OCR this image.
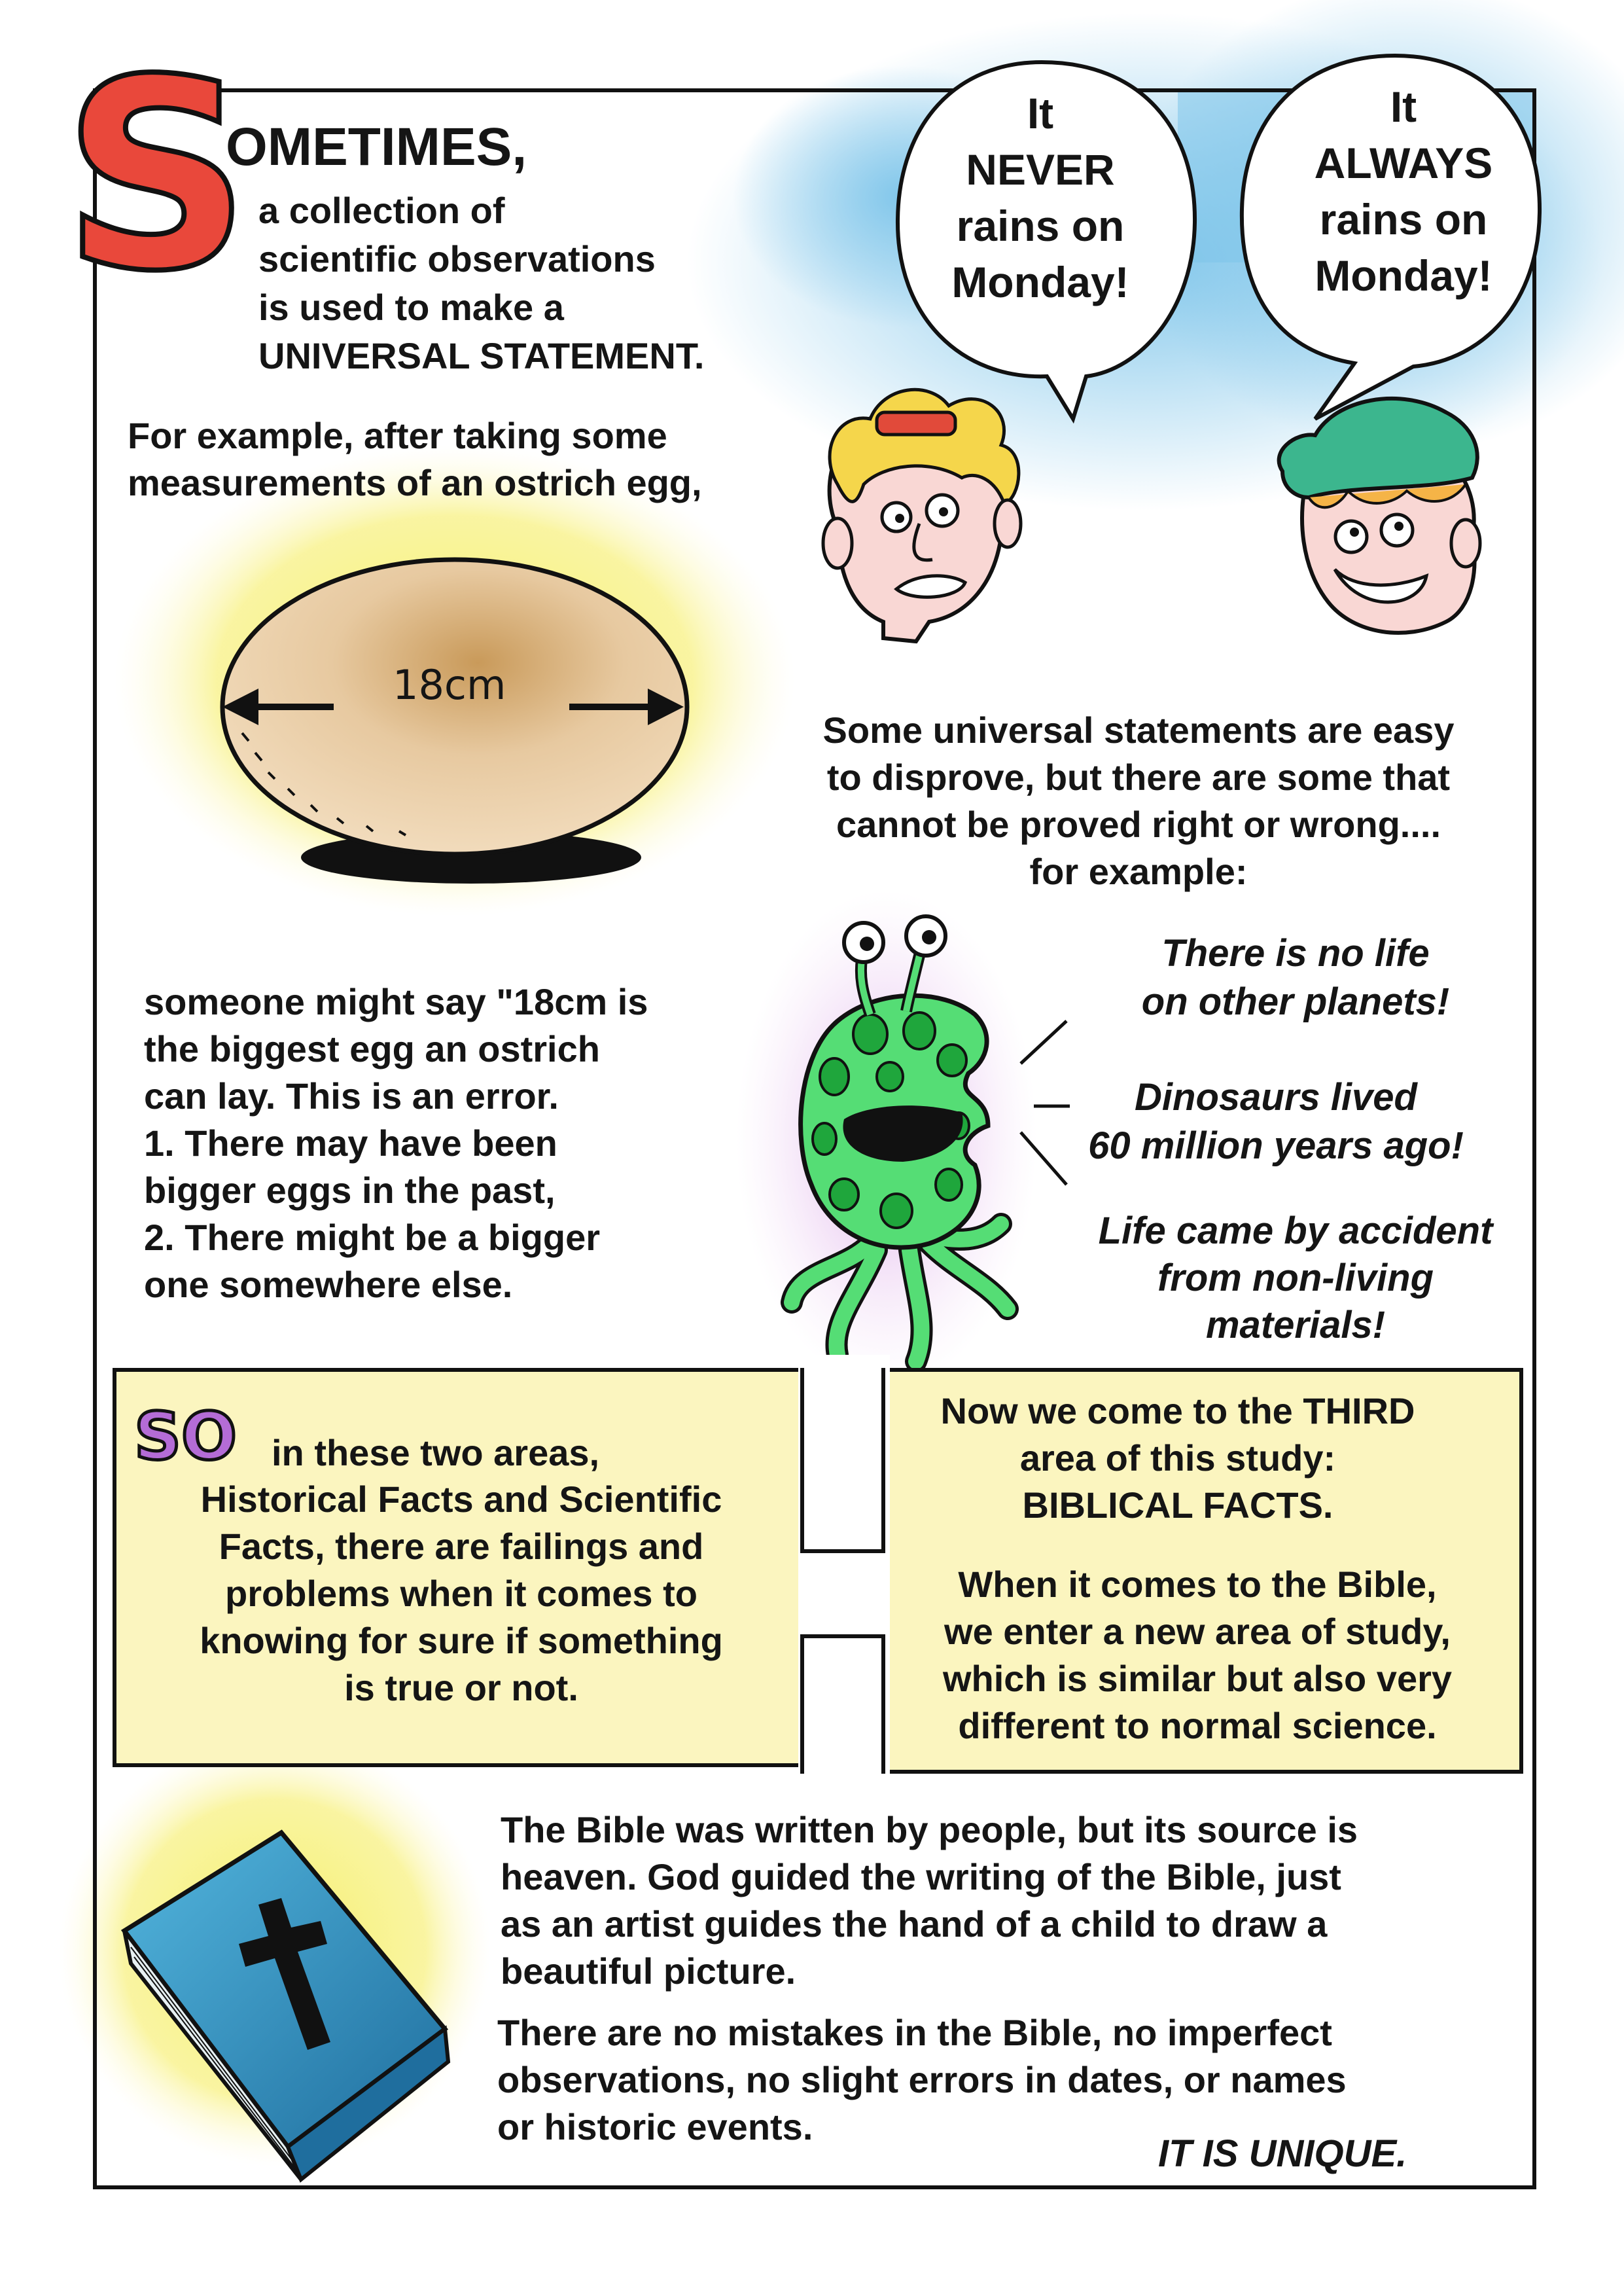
18cm
S
OMETIMES,
a collection of
scientific observations
is used to make a
UNIVERSAL STATEMENT.
It
NEVER
rains on
Monday!
It
ALWAYS
rains on
Monday!
For example, after taking some
measurements of an ostrich egg,
Some universal statements are easy
to disprove, but there are some that
cannot be proved right or wrong....
for example:
There is no life
on other planets!
Dinosaurs lived
60 million years ago!
Life came by accident
from non-living
materials!
someone might say "18cm is
the biggest egg an ostrich
can lay. This is an error.
1. There may have been
bigger eggs in the past,
2. There might be a bigger
one somewhere else.
SO in these two areas,
Historical Facts and Scientific
Facts, there are failings and
problems when it comes to
knowing for sure if something
is true or not.
Now we come to the THIRD
area of this study:
BIBLICAL FACTS.
When it comes to the Bible,
we enter a new area of study,
which is similar but also very
different to normal science.
The Bible was written by people, but its source is
heaven. God guided the writing of the Bible, just
as an artist guides the hand of a child to draw a
beautiful picture.
There are no mistakes in the Bible, no imperfect
observations, no slight errors in dates, or names
or historic events.
IT IS UNIQUE.
